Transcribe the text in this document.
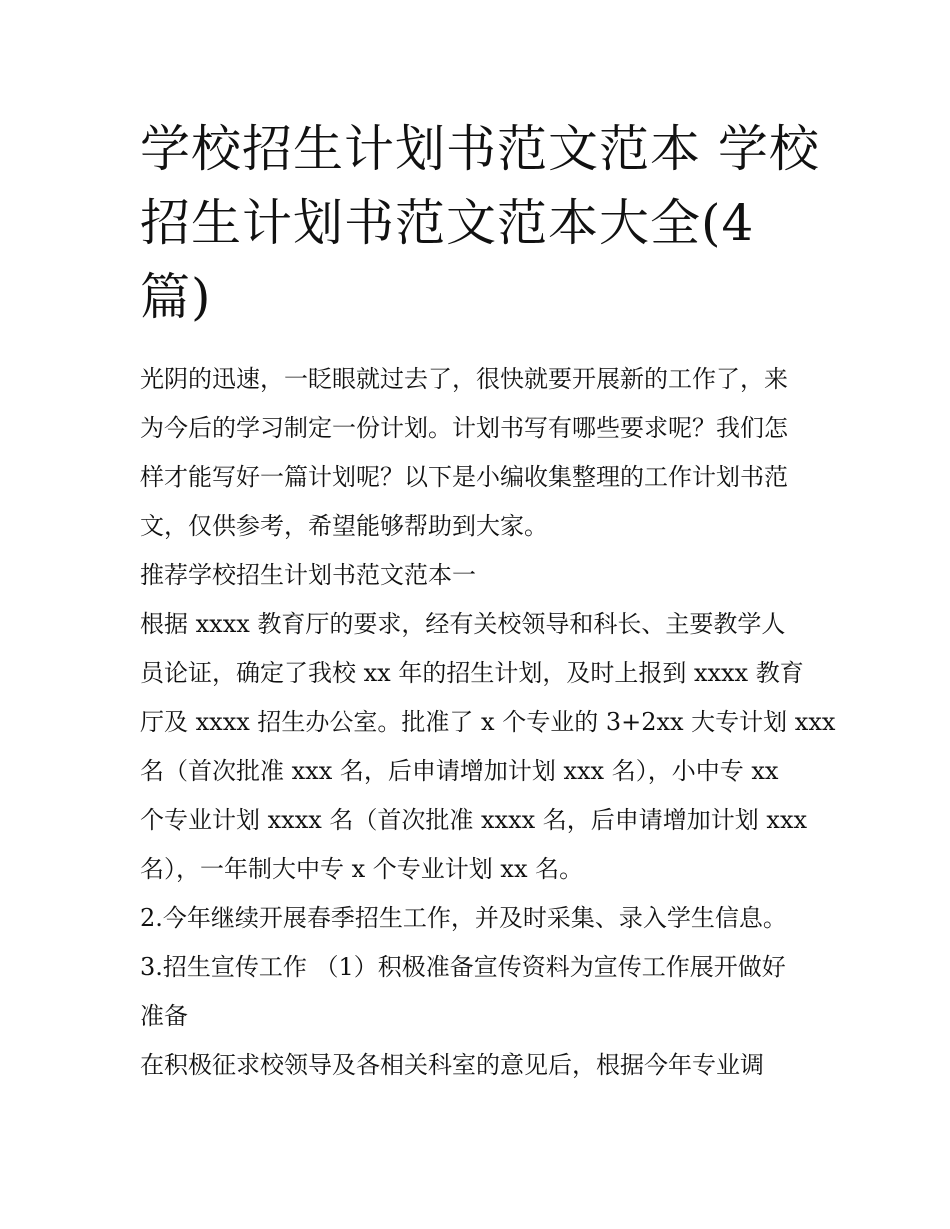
学校招生计划书范文范本 学校
招生计划书范文范本大全(4
篇)
光阴的迅速，一眨眼就过去了，很快就要开展新的工作了，来
为今后的学习制定一份计划。计划书写有哪些要求呢？我们怎
样才能写好一篇计划呢？以下是小编收集整理的工作计划书范
文，仅供参考，希望能够帮助到大家。
推荐学校招生计划书范文范本一
根据 xxxx 教育厅的要求，经有关校领导和科长、主要教学人
员论证，确定了我校 xx 年的招生计划，及时上报到 xxxx 教育
厅及 xxxx 招生办公室。批准了 x 个专业的 3+2xx 大专计划 xxx
名（首次批准 xxx 名，后申请增加计划 xxx 名），小中专 xx
个专业计划 xxxx 名（首次批准 xxxx 名，后申请增加计划 xxx
名），一年制大中专 x 个专业计划 xx 名。
2.今年继续开展春季招生工作，并及时采集、录入学生信息。
3.招生宣传工作 （1）积极准备宣传资料为宣传工作展开做好
准备
在积极征求校领导及各相关科室的意见后，根据今年专业调
